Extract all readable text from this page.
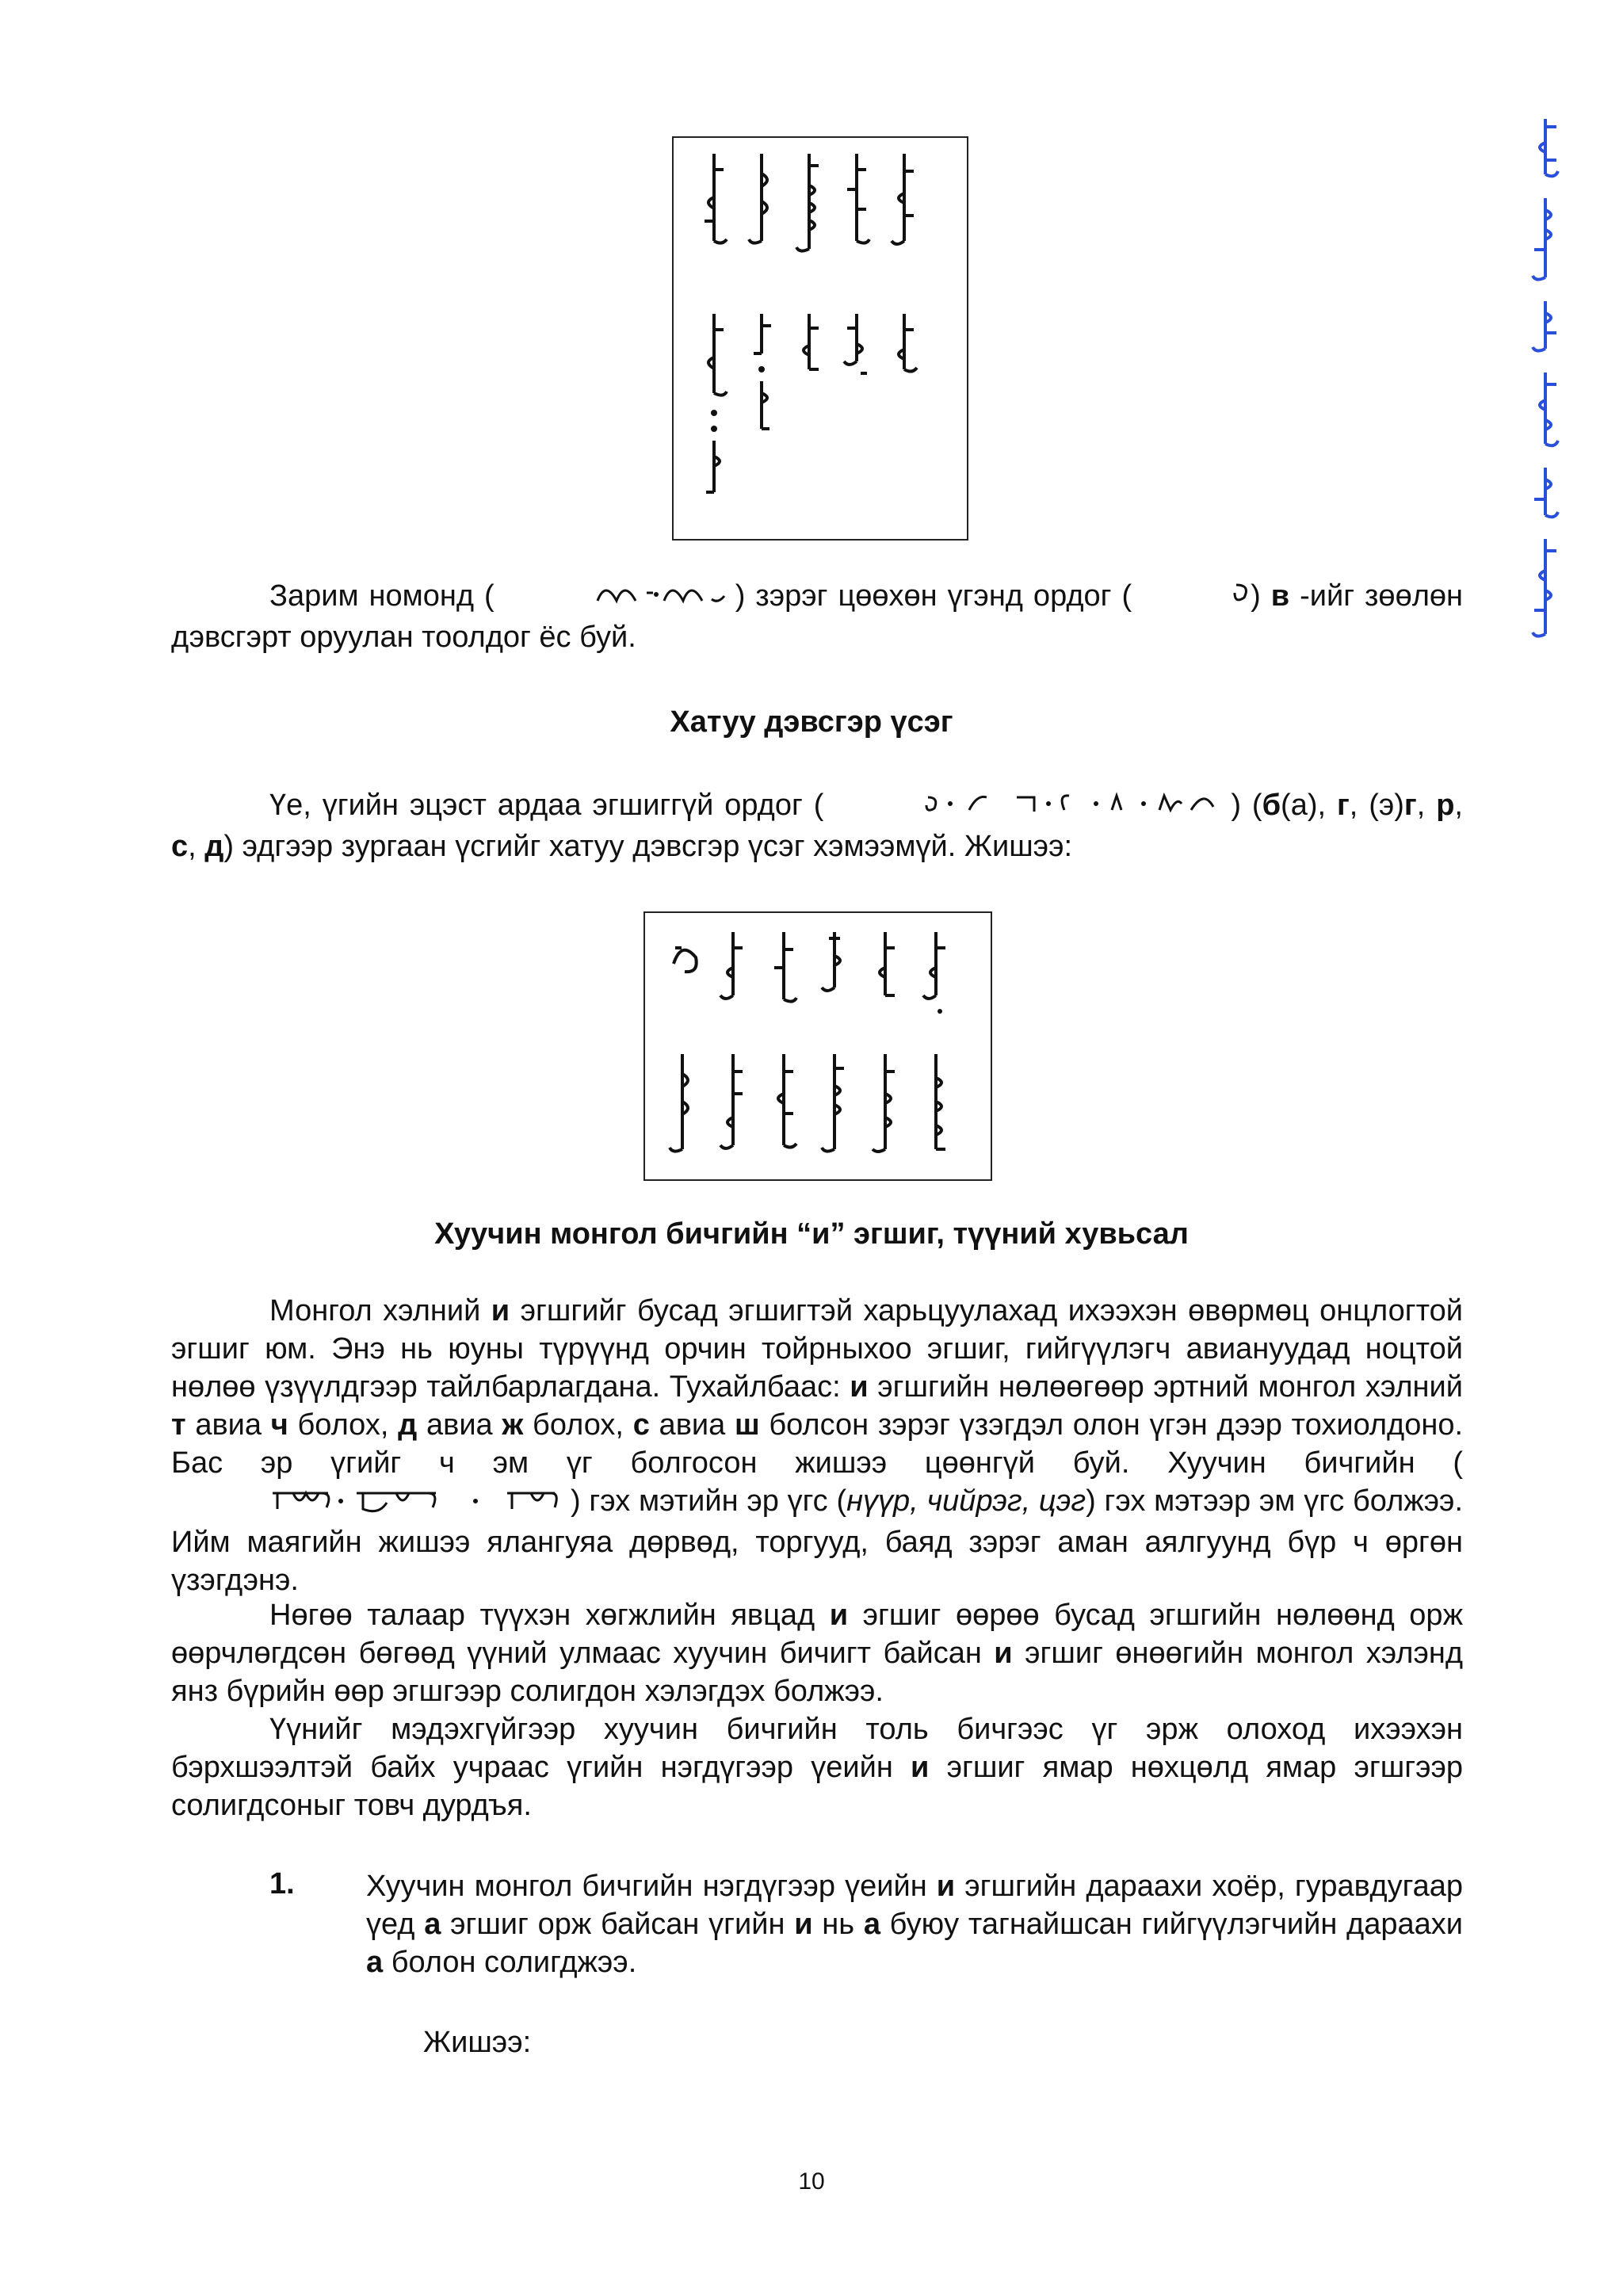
Зарим номонд (	) зэрэг цөөхөн үгэнд ордог (	) в -ийг зөөлөн дэвсгэрт оруулан тоолдог ёс буй.
Хатуу дэвсгэр үсэг
Үе, үгийн эцэст ардаа эгшиггүй ордог (	) (б(а), г, (э)г, р, с, д) эдгээр зургаан үсгийг хатуу дэвсгэр үсэг хэмээмүй. Жишээ:
Хуучин монгол бичгийн “и” эгшиг, түүний хувьсал
Монгол хэлний и эгшгийг бусад эгшигтэй харьцуулахад ихээхэн өвөрмөц онцлогтой эгшиг юм. Энэ нь юуны түрүүнд орчин тойрныхоо эгшиг, гийгүүлэгч авиануудад ноцтой нөлөө үзүүлдгээр тайлбарлагдана. Тухайлбаас: и эгшгийн нөлөөгөөр эртний монгол хэлний т авиа ч болох, д авиа ж болох, с авиа ш болсон зэрэг үзэгдэл олон үгэн дээр тохиолдоно. Бас эр үгийг ч эм үг болгосон жишээ цөөнгүй буй. Хуучин бичгийн () гэх мэтийн эр үгс (нүүр, чийрэг, цэг) гэх мэтээр эм үгс болжээ. Ийм маягийн жишээ ялангуяа дөрвөд, торгууд, баяд зэрэг аман аялгуунд бүр ч өргөн үзэгдэнэ.
Нөгөө талаар түүхэн хөгжлийн явцад и эгшиг өөрөө бусад эгшгийн нөлөөнд орж өөрчлөгдсөн бөгөөд үүний улмаас хуучин бичигт байсан и эгшиг өнөөгийн монгол хэлэнд янз бүрийн өөр эгшгээр солигдон хэлэгдэх болжээ.
Үүнийг мэдэхгүйгээр хуучин бичгийн толь бичгээс үг эрж олоход ихээхэн бэрхшээлтэй байх учраас үгийн нэгдүгээр үеийн и эгшиг ямар нөхцөлд ямар эгшгээр солигдсоныг товч дурдъя.
1. Хуучин монгол бичгийн нэгдүгээр үеийн и эгшгийн дараахи хоёр, гуравдугаар үед а эгшиг орж байсан үгийн и нь а буюу тагнайшсан гийгүүлэгчийн дараахи а болон солигджээ.
Жишээ:
10
